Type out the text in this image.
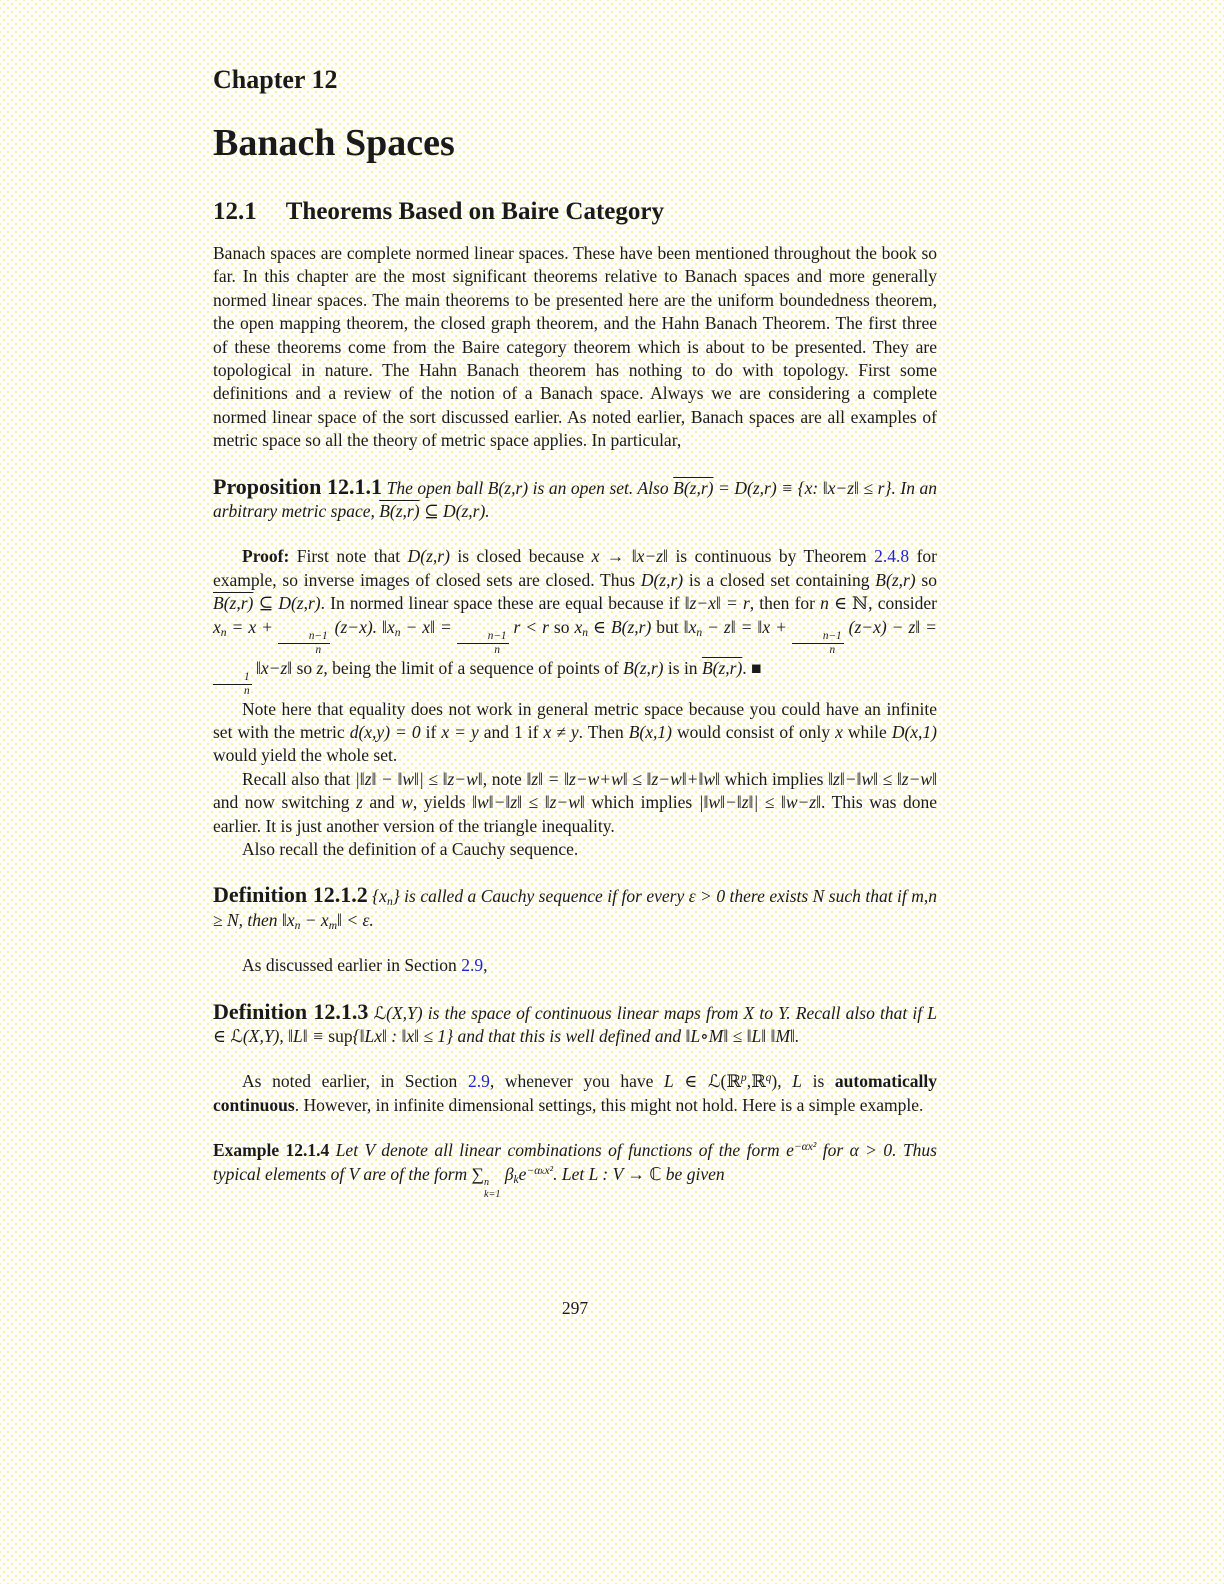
Chapter 12
Banach Spaces
12.1 Theorems Based on Baire Category
Banach spaces are complete normed linear spaces. These have been mentioned throughout the book so far. In this chapter are the most significant theorems relative to Banach spaces and more generally normed linear spaces. The main theorems to be presented here are the uniform boundedness theorem, the open mapping theorem, the closed graph theorem, and the Hahn Banach Theorem. The first three of these theorems come from the Baire category theorem which is about to be presented. They are topological in nature. The Hahn Banach theorem has nothing to do with topology. First some definitions and a review of the notion of a Banach space. Always we are considering a complete normed linear space of the sort discussed earlier. As noted earlier, Banach spaces are all examples of metric space so all the theory of metric space applies. In particular,
Proposition 12.1.1 The open ball B(z,r) is an open set. Also B(z,r) = D(z,r) ≡ {x: ‖x−z‖ ≤ r}. In an arbitrary metric space, B(z,r) ⊆ D(z,r).
Proof: First note that D(z,r) is closed because x → ‖x−z‖ is continuous by Theorem 2.4.8 for example, so inverse images of closed sets are closed. Thus D(z,r) is a closed set containing B(z,r) so B(z,r) ⊆ D(z,r). In normed linear space these are equal because if ‖z−x‖ = r, then for n ∈ ℕ, consider xn = x +
$\frac{n-1}{n}$
(z−x). ‖xn − x‖ =
$\frac{n-1}{n}$
r < r so xn ∈ B(z,r) but ‖xn − z‖ = ‖x +
$\frac{n-1}{n}$
(z−x) − z‖ =
$\frac{1}{n}$
‖x−z‖ so z, being the limit of a sequence of points of B(z,r) is in B(z,r). ■
Note here that equality does not work in general metric space because you could have an infinite set with the metric d(x,y) = 0 if x = y and 1 if x ≠ y. Then B(x,1) would consist of only x while D(x,1) would yield the whole set.
Recall also that |‖z‖ − ‖w‖| ≤ ‖z−w‖, note ‖z‖ = ‖z−w+w‖ ≤ ‖z−w‖+‖w‖ which implies ‖z‖−‖w‖ ≤ ‖z−w‖ and now switching z and w, yields ‖w‖−‖z‖ ≤ ‖z−w‖ which implies |‖w‖−‖z‖| ≤ ‖w−z‖. This was done earlier. It is just another version of the triangle inequality.
Also recall the definition of a Cauchy sequence.
Definition 12.1.2 {xn} is called a Cauchy sequence if for every ε > 0 there exists N such that if m,n ≥ N, then ‖xn − xm‖ < ε.
As discussed earlier in Section 2.9,
Definition 12.1.3 ℒ(X,Y) is the space of continuous linear maps from X to Y. Recall also that if L ∈ ℒ(X,Y), ‖L‖ ≡ sup{‖Lx‖ : ‖x‖ ≤ 1} and that this is well defined and ‖L∘M‖ ≤ ‖L‖ ‖M‖.
As noted earlier, in Section 2.9, whenever you have L ∈ ℒ(ℝ$^p$,ℝ$^q$), L is automatically continuous. However, in infinite dimensional settings, this might not hold. Here is a simple example.
Example 12.1.4 Let V denote all linear combinations of functions of the form $e^{-\alpha x^2}$ for α > 0. Thus typical elements of V are of the form ∑ n
k=1
βke$^{-\alpha_kx^2}$. Let L : V → ℂ be given
297
